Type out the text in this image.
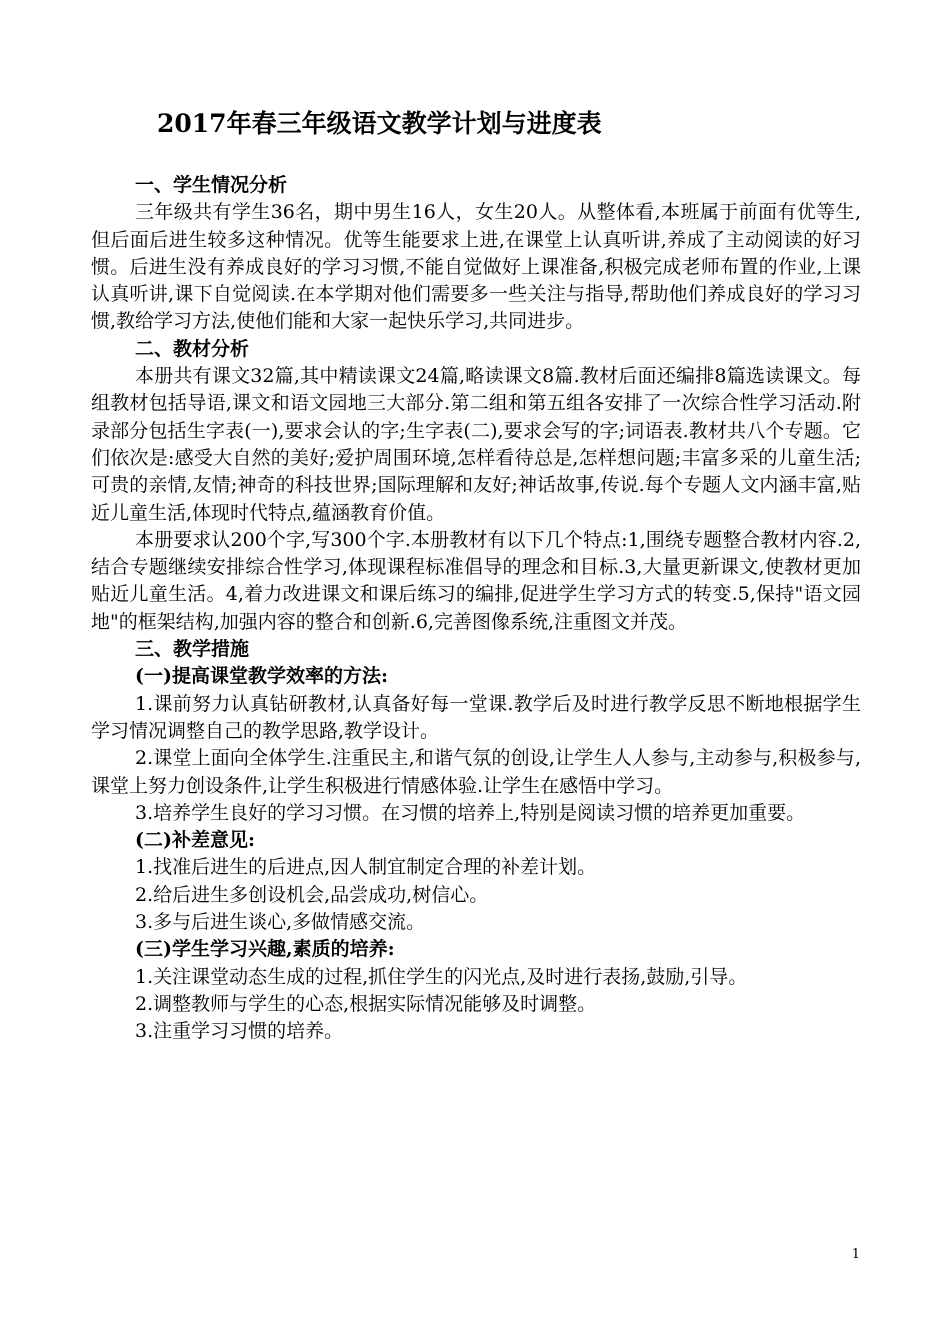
2017年春三年级语文教学计划与进度表

一、学生情况分析

三年级共有学生36名，期中男生16人，女生20人。从整体看,本班属于前面有优等生,但后面后进生较多这种情况。优等生能要求上进,在课堂上认真听讲,养成了主动阅读的好习惯。后进生没有养成良好的学习习惯,不能自觉做好上课准备,积极完成老师布置的作业,上课认真听讲,课下自觉阅读.在本学期对他们需要多一些关注与指导,帮助他们养成良好的学习习惯,教给学习方法,使他们能和大家一起快乐学习,共同进步。

二、教材分析

本册共有课文32篇,其中精读课文24篇,略读课文8篇.教材后面还编排8篇选读课文。每组教材包括导语,课文和语文园地三大部分.第二组和第五组各安排了一次综合性学习活动.附录部分包括生字表(一),要求会认的字;生字表(二),要求会写的字;词语表.教材共八个专题。它们依次是:感受大自然的美好;爱护周围环境,怎样看待总是,怎样想问题;丰富多采的儿童生活;可贵的亲情,友情;神奇的科技世界;国际理解和友好;神话故事,传说.每个专题人文内涵丰富,贴近儿童生活,体现时代特点,蕴涵教育价值。

本册要求认200个字,写300个字.本册教材有以下几个特点:1,围绕专题整合教材内容.2,结合专题继续安排综合性学习,体现课程标准倡导的理念和目标.3,大量更新课文,使教材更加贴近儿童生活。4,着力改进课文和课后练习的编排,促进学生学习方式的转变.5,保持"语文园地"的框架结构,加强内容的整合和创新.6,完善图像系统,注重图文并茂。

三、教学措施

(一)提高课堂教学效率的方法:

1.课前努力认真钻研教材,认真备好每一堂课.教学后及时进行教学反思不断地根据学生学习情况调整自己的教学思路,教学设计。

2.课堂上面向全体学生.注重民主,和谐气氛的创设,让学生人人参与,主动参与,积极参与,课堂上努力创设条件,让学生积极进行情感体验.让学生在感悟中学习。

3.培养学生良好的学习习惯。在习惯的培养上,特别是阅读习惯的培养更加重要。

(二)补差意见:

1.找准后进生的后进点,因人制宜制定合理的补差计划。

2.给后进生多创设机会,品尝成功,树信心。

3.多与后进生谈心,多做情感交流。

(三)学生学习兴趣,素质的培养:

1.关注课堂动态生成的过程,抓住学生的闪光点,及时进行表扬,鼓励,引导。

2.调整教师与学生的心态,根据实际情况能够及时调整。

3.注重学习习惯的培养。

1
